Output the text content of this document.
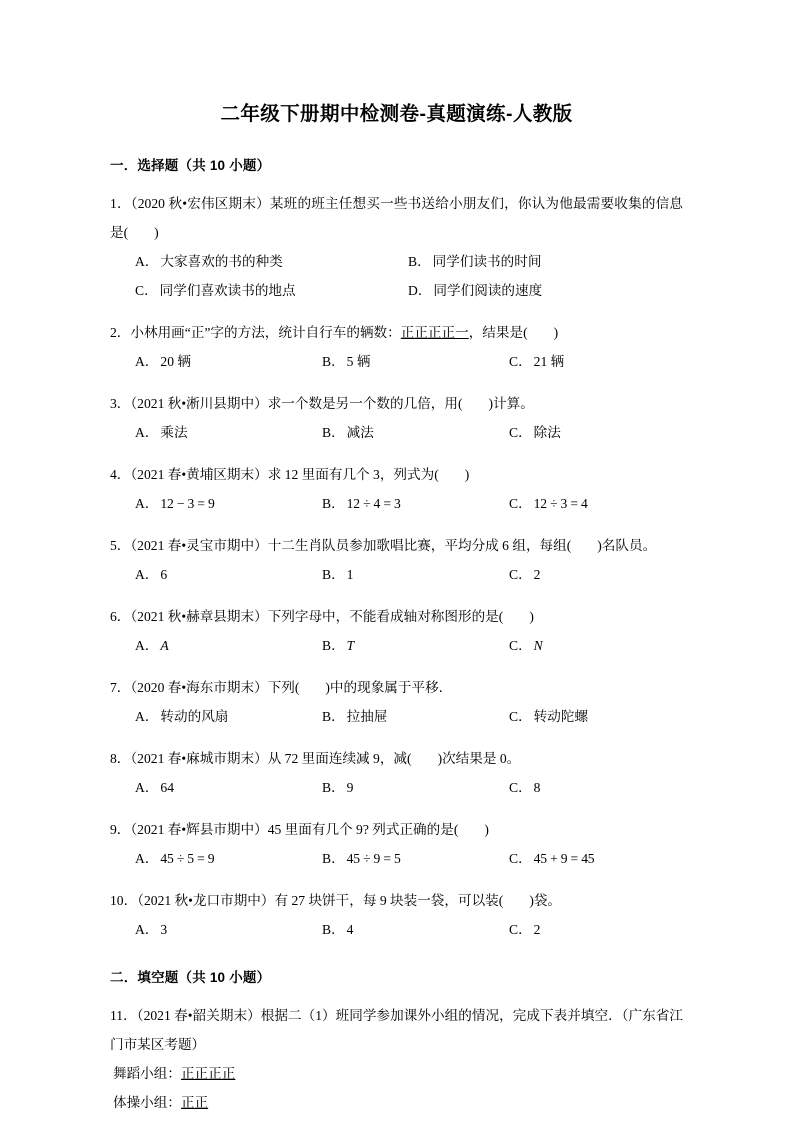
二年级下册期中检测卷-真题演练-人教版
一．选择题（共 10 小题）
1．（2020 秋•宏伟区期末）某班的班主任想买一些书送给小朋友们，你认为他最需要收集的信息是( )
A． 大家喜欢的书的种类	B． 同学们读书的时间
C． 同学们喜欢读书的地点	D． 同学们阅读的速度
2．小林用画“正”字的方法，统计自行车的辆数：正正正正一，结果是( )
A． 20 辆	B． 5 辆	C． 21 辆
3．（2021 秋•淅川县期中）求一个数是另一个数的几倍，用( )计算。
A． 乘法	B． 减法	C． 除法
4．（2021 春•黄埔区期末）求 12 里面有几个 3，列式为( )
A． 12 − 3 = 9	B． 12 ÷ 4 = 3	C． 12 ÷ 3 = 4
5．（2021 春•灵宝市期中）十二生肖队员参加歌唱比赛，平均分成 6 组，每组( )名队员。
A． 6	B． 1	C． 2
6．（2021 秋•赫章县期末）下列字母中，不能看成轴对称图形的是( )
A． A	B． T	C． N
7．（2020 春•海东市期末）下列( )中的现象属于平移．
A． 转动的风扇	B． 拉抽屉	C． 转动陀螺
8．（2021 春•麻城市期末）从 72 里面连续减 9，减( )次结果是 0。
A． 64	B． 9	C． 8
9．（2021 春•辉县市期中）45 里面有几个 9? 列式正确的是( )
A． 45 ÷ 5 = 9	B． 45 ÷ 9 = 5	C． 45 + 9 = 45
10．（2021 秋•龙口市期中）有 27 块饼干，每 9 块装一袋，可以装( )袋。
A． 3	B． 4	C． 2
二．填空题（共 10 小题）
11．（2021 春•韶关期末）根据二（1）班同学参加课外小组的情况，完成下表并填空．（广东省江门市某区考题）
舞蹈小组：正正正正
体操小组：正正
